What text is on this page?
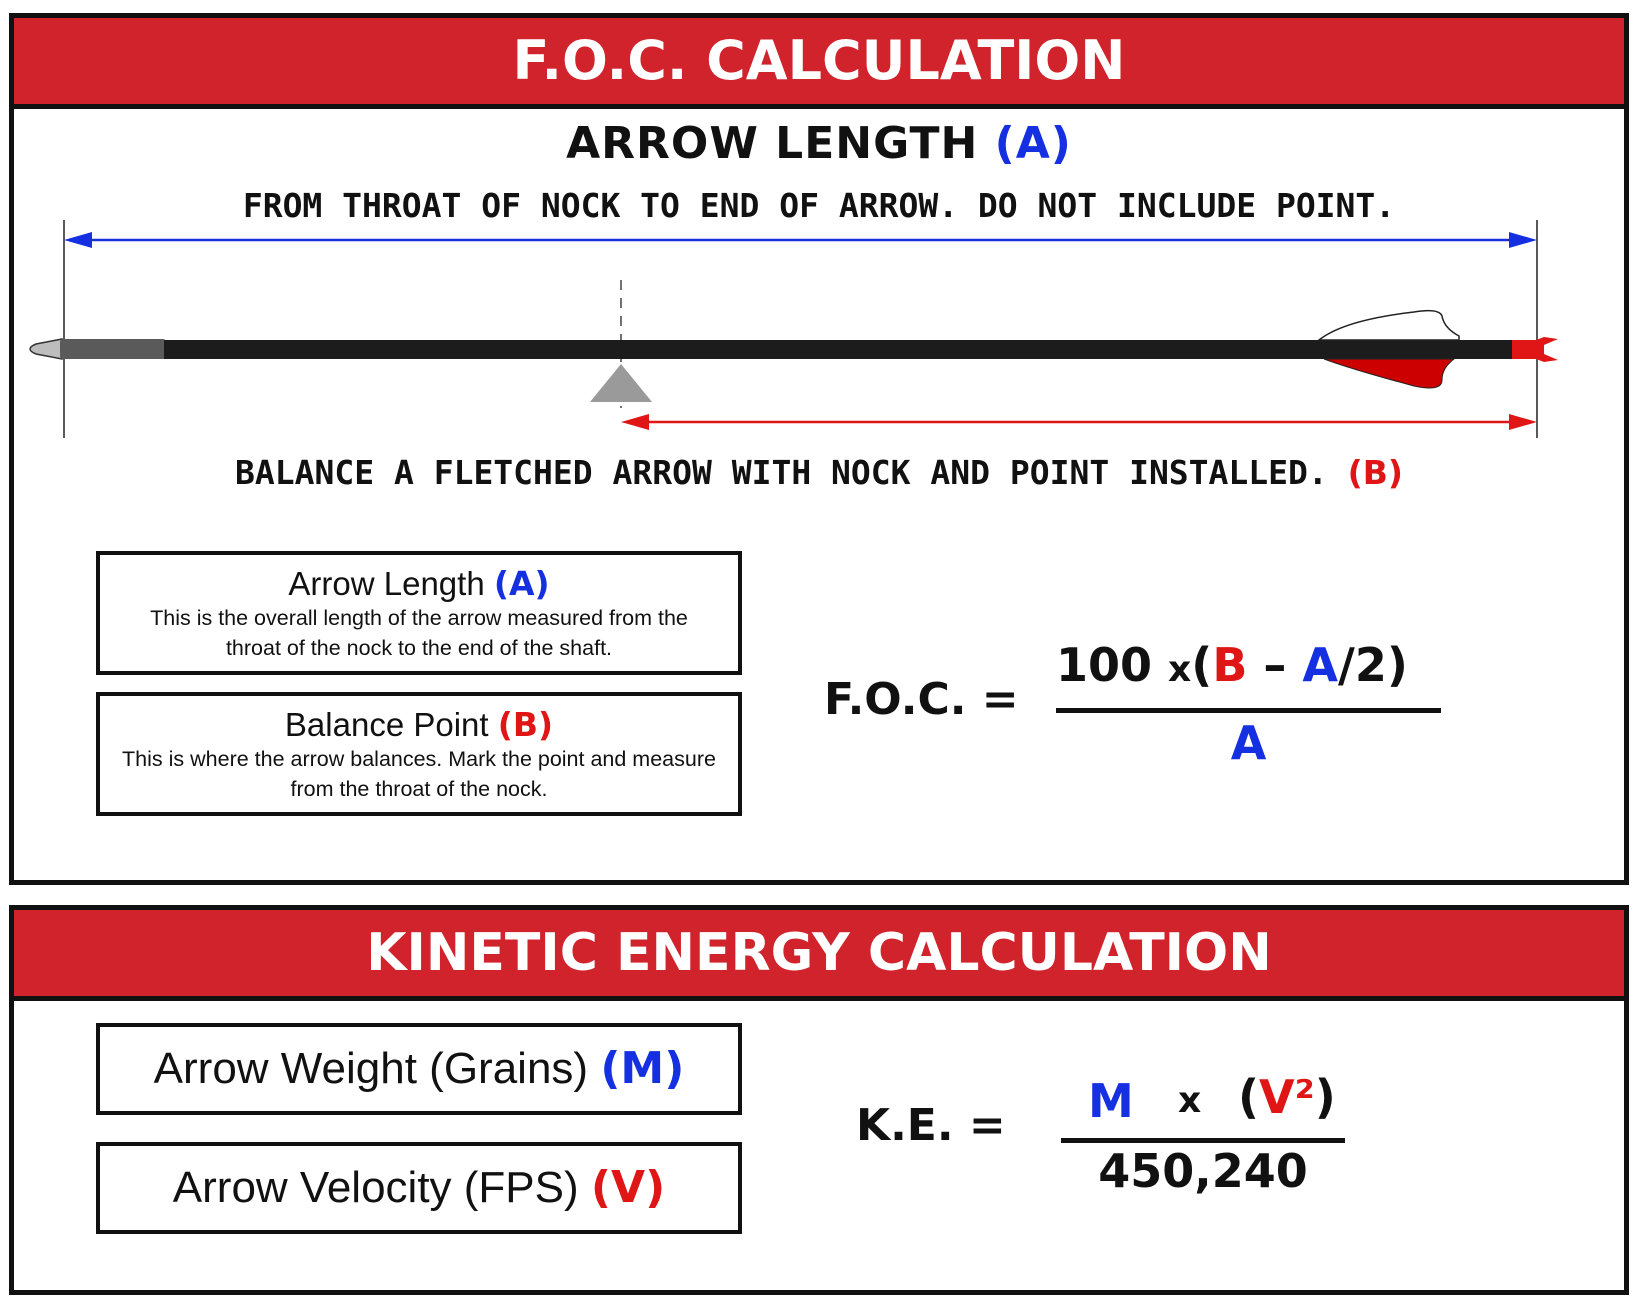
F.O.C. CALCULATION
ARROW LENGTH (A)
FROM THROAT OF NOCK TO END OF ARROW. DO NOT INCLUDE POINT.
BALANCE A FLETCHED ARROW WITH NOCK AND POINT INSTALLED. (B)
Arrow Length (A)
This is the overall length of the arrow measured from the throat of the nock to the end of the shaft.
Balance Point (B)
This is where the arrow balances. Mark the point and measure from the throat of the nock.
F.O.C. =
100 x(B – A/2)
A
KINETIC ENERGY CALCULATION
Arrow Weight (Grains) (M)
Arrow Velocity (FPS) (V)
K.E. = M x (V²)
450,240
